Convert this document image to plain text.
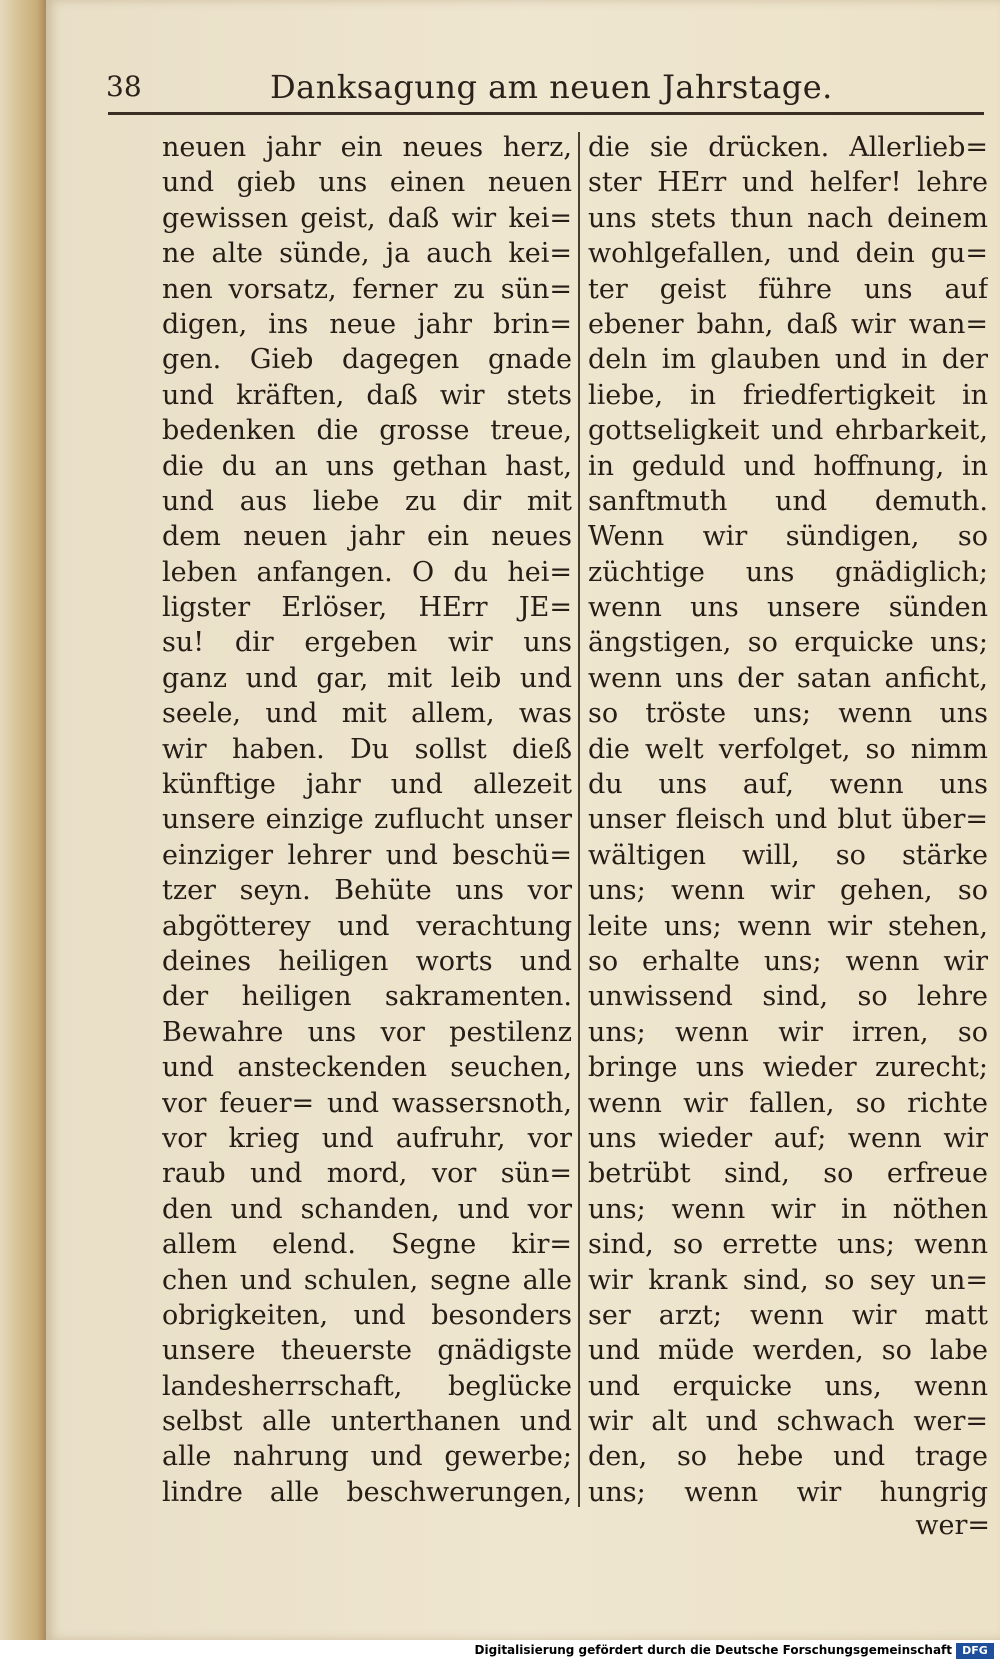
38	Danksagung am neuen Jahrstage.
neuen jahr ein neues herz,
und gieb uns einen neuen
gewissen geist, daß wir kei=
ne alte sünde, ja auch kei=
nen vorsatz, ferner zu sün=
digen, ins neue jahr brin=
gen. Gieb dagegen gnade
und kräften, daß wir stets
bedenken die grosse treue,
die du an uns gethan hast,
und aus liebe zu dir mit
dem neuen jahr ein neues
leben anfangen. O du hei=
ligster Erlöser, HErr JE=
su! dir ergeben wir uns
ganz und gar, mit leib und
seele, und mit allem, was
wir haben. Du sollst dieß
künftige jahr und allezeit
unsere einzige zuflucht unser
einziger lehrer und beschü=
tzer seyn. Behüte uns vor
abgötterey und verachtung
deines heiligen worts und
der heiligen sakramenten.
Bewahre uns vor pestilenz
und ansteckenden seuchen,
vor feuer= und wassersnoth,
vor krieg und aufruhr, vor
raub und mord, vor sün=
den und schanden, und vor
allem elend. Segne kir=
chen und schulen, segne alle
obrigkeiten, und besonders
unsere theuerste gnädigste
landesherrschaft, beglücke
selbst alle unterthanen und
alle nahrung und gewerbe;
lindre alle beschwerungen,
die sie drücken. Allerlieb=
ster HErr und helfer! lehre
uns stets thun nach deinem
wohlgefallen, und dein gu=
ter geist führe uns auf
ebener bahn, daß wir wan=
deln im glauben und in der
liebe, in friedfertigkeit in
gottseligkeit und ehrbarkeit,
in geduld und hoffnung, in
sanftmuth und demuth.
Wenn wir sündigen, so
züchtige uns gnädiglich;
wenn uns unsere sünden
ängstigen, so erquicke uns;
wenn uns der satan anficht,
so tröste uns; wenn uns
die welt verfolget, so nimm
du uns auf, wenn uns
unser fleisch und blut über=
wältigen will, so stärke
uns; wenn wir gehen, so
leite uns; wenn wir stehen,
so erhalte uns; wenn wir
unwissend sind, so lehre
uns; wenn wir irren, so
bringe uns wieder zurecht;
wenn wir fallen, so richte
uns wieder auf; wenn wir
betrübt sind, so erfreue
uns; wenn wir in nöthen
sind, so errette uns; wenn
wir krank sind, so sey un=
ser arzt; wenn wir matt
und müde werden, so labe
und erquicke uns, wenn
wir alt und schwach wer=
den, so hebe und trage
uns; wenn wir hungrig
wer=
Digitalisierung gefördert durch die Deutsche Forschungsgemeinschaft DFG
